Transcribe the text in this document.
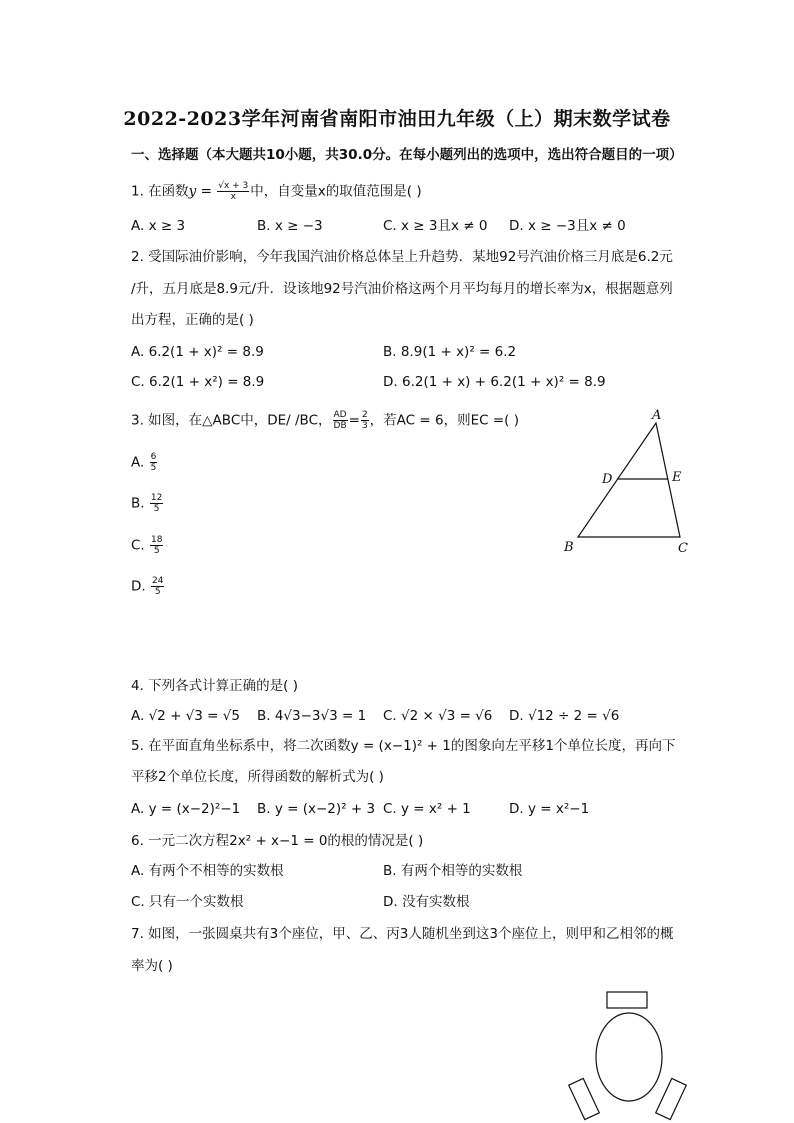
2022-2023学年河南省南阳市油田九年级（上）期末数学试卷
一、选择题（本大题共10小题，共30.0分。在每小题列出的选项中，选出符合题目的一项）
1. 在函数$y = \frac{√x + 3}{x}$ 中，自变量x的取值范围是( )
A. x ≥ 3	B. x ≥ −3	C. x ≥ 3且x ≠ 0 D. x ≥ −3且x ≠ 0
2. 受国际油价影响，今年我国汽油价格总体呈上升趋势．某地92号汽油价格三月底是6.2元
/升，五月底是8.9元/升．设该地92号汽油价格这两个月平均每月的增长率为x，根据题意列
出方程，正确的是( )
A. 6.2(1 + x)² = 8.9	B. 8.9(1 + x)² = 6.2
C. 6.2(1 + x²) = 8.9	D. 6.2(1 + x) + 6.2(1 + x)² = 8.9
3. 如图，在△ABC中，DE/ /BC， $\frac{AD}{DB} = \frac{2}{3}$ ，若AC = 6，则EC =( )
A. $\frac{6}{5}$
B. $\frac{12}{5}$
C. $\frac{18}{5}$
D. $\frac{24}{5}$
A
D	E
B	C
4. 下列各式计算正确的是( )
A. √2 + √3 = √5 B. 4√3−3√3 = 1 C. √2 × √3 = √6 D. √12 ÷ 2 = √6
5. 在平面直角坐标系中，将二次函数y = (x−1)² + 1的图象向左平移1个单位长度，再向下
平移2个单位长度，所得函数的解析式为( )
A. y = (x−2)²−1 B. y = (x−2)² + 3 C. y = x² + 1	D. y = x²−1
6. 一元二次方程2x² + x−1 = 0的根的情况是( )
A. 有两个不相等的实数根	B. 有两个相等的实数根
C. 只有一个实数根	D. 没有实数根
7. 如图，一张圆桌共有3个座位，甲、乙、丙3人随机坐到这3个座位上，则甲和乙相邻的概
率为( )
